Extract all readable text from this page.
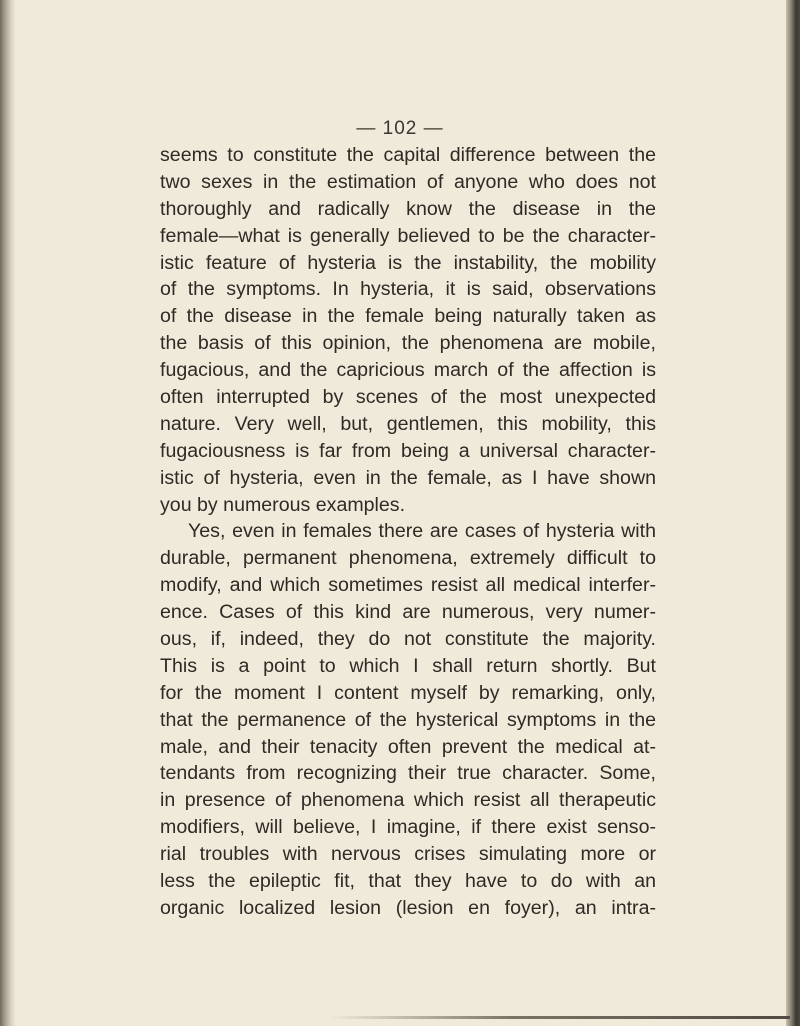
— 102 —
seems to constitute the capital difference between the
two sexes in the estimation of anyone who does not
thoroughly and radically know the disease in the
female—what is generally believed to be the character-
istic feature of hysteria is the instability, the mobility
of the symptoms. In hysteria, it is said, observations
of the disease in the female being naturally taken as
the basis of this opinion, the phenomena are mobile,
fugacious, and the capricious march of the affection is
often interrupted by scenes of the most unexpected
nature. Very well, but, gentlemen, this mobility, this
fugaciousness is far from being a universal character-
istic of hysteria, even in the female, as I have shown
you by numerous examples.
Yes, even in females there are cases of hysteria with
durable, permanent phenomena, extremely difficult to
modify, and which sometimes resist all medical interfer-
ence. Cases of this kind are numerous, very numer-
ous, if, indeed, they do not constitute the majority.
This is a point to which I shall return shortly. But
for the moment I content myself by remarking, only,
that the permanence of the hysterical symptoms in the
male, and their tenacity often prevent the medical at-
tendants from recognizing their true character. Some,
in presence of phenomena which resist all therapeutic
modifiers, will believe, I imagine, if there exist senso-
rial troubles with nervous crises simulating more or
less the epileptic fit, that they have to do with an
organic localized lesion (lesion en foyer), an intra-
